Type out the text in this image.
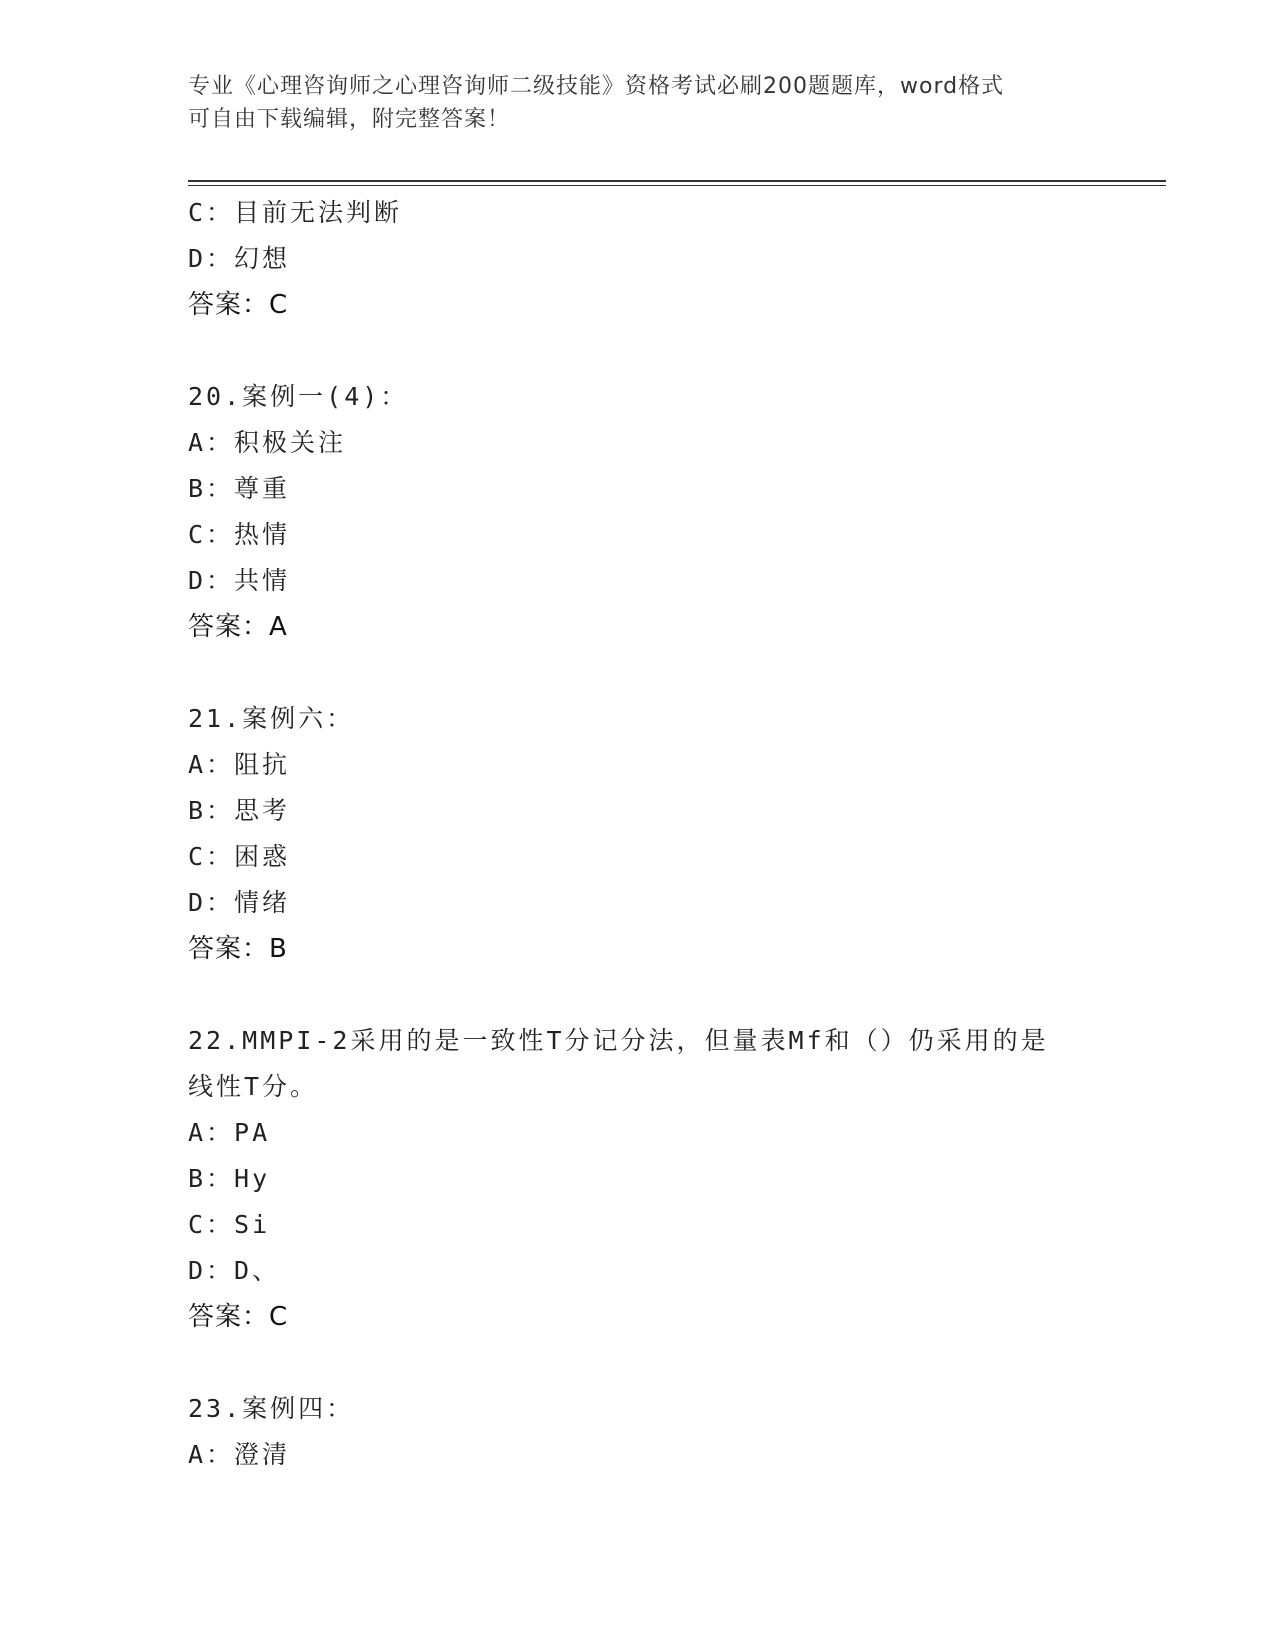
专业《心理咨询师之心理咨询师二级技能》资格考试必刷200题题库，word格式
可自由下载编辑，附完整答案！
C：目前无法判断
D：幻想
答案：C
20.案例一(4)：
A：积极关注
B：尊重
C：热情
D：共情
答案：A
21.案例六：
A：阻抗
B：思考
C：困惑
D：情绪
答案：B
22.MMPI-2采用的是一致性T分记分法，但量表Mf和（）仍采用的是
线性T分。
A：PA
B：Hy
C：Si
D：D、
答案：C
23.案例四：
A：澄清
